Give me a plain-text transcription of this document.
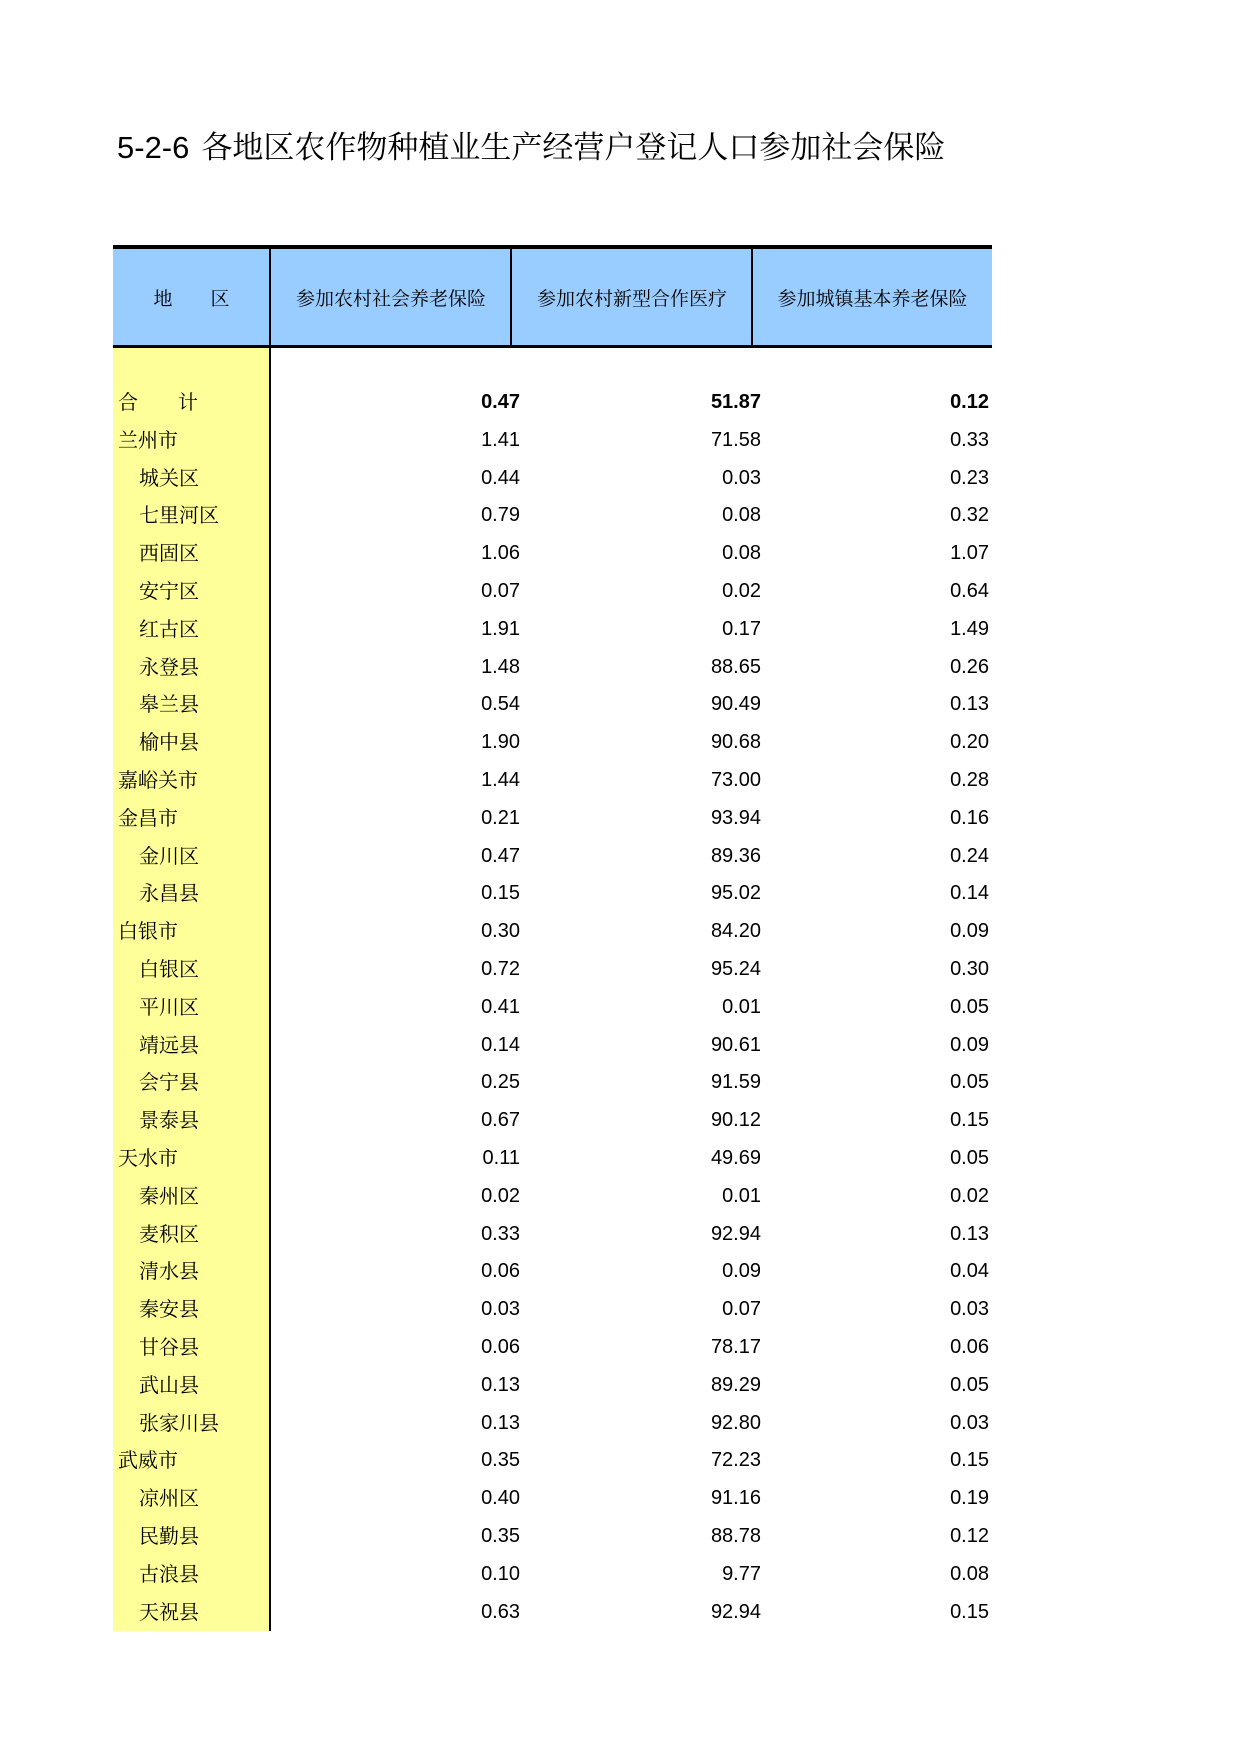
5-2-6 各地区农作物种植业生产经营户登记人口参加社会保险
地　　区	参加农村社会养老保险	参加农村新型合作医疗	参加城镇基本养老保险
合　　计	0.47	51.87	0.12
兰州市	1.41	71.58	0.33
城关区	0.44	0.03	0.23
七里河区	0.79	0.08	0.32
西固区	1.06	0.08	1.07
安宁区	0.07	0.02	0.64
红古区	1.91	0.17	1.49
永登县	1.48	88.65	0.26
皋兰县	0.54	90.49	0.13
榆中县	1.90	90.68	0.20
嘉峪关市	1.44	73.00	0.28
金昌市	0.21	93.94	0.16
金川区	0.47	89.36	0.24
永昌县	0.15	95.02	0.14
白银市	0.30	84.20	0.09
白银区	0.72	95.24	0.30
平川区	0.41	0.01	0.05
靖远县	0.14	90.61	0.09
会宁县	0.25	91.59	0.05
景泰县	0.67	90.12	0.15
天水市	0.11	49.69	0.05
秦州区	0.02	0.01	0.02
麦积区	0.33	92.94	0.13
清水县	0.06	0.09	0.04
秦安县	0.03	0.07	0.03
甘谷县	0.06	78.17	0.06
武山县	0.13	89.29	0.05
张家川县	0.13	92.80	0.03
武威市	0.35	72.23	0.15
凉州区	0.40	91.16	0.19
民勤县	0.35	88.78	0.12
古浪县	0.10	9.77	0.08
天祝县	0.63	92.94	0.15
